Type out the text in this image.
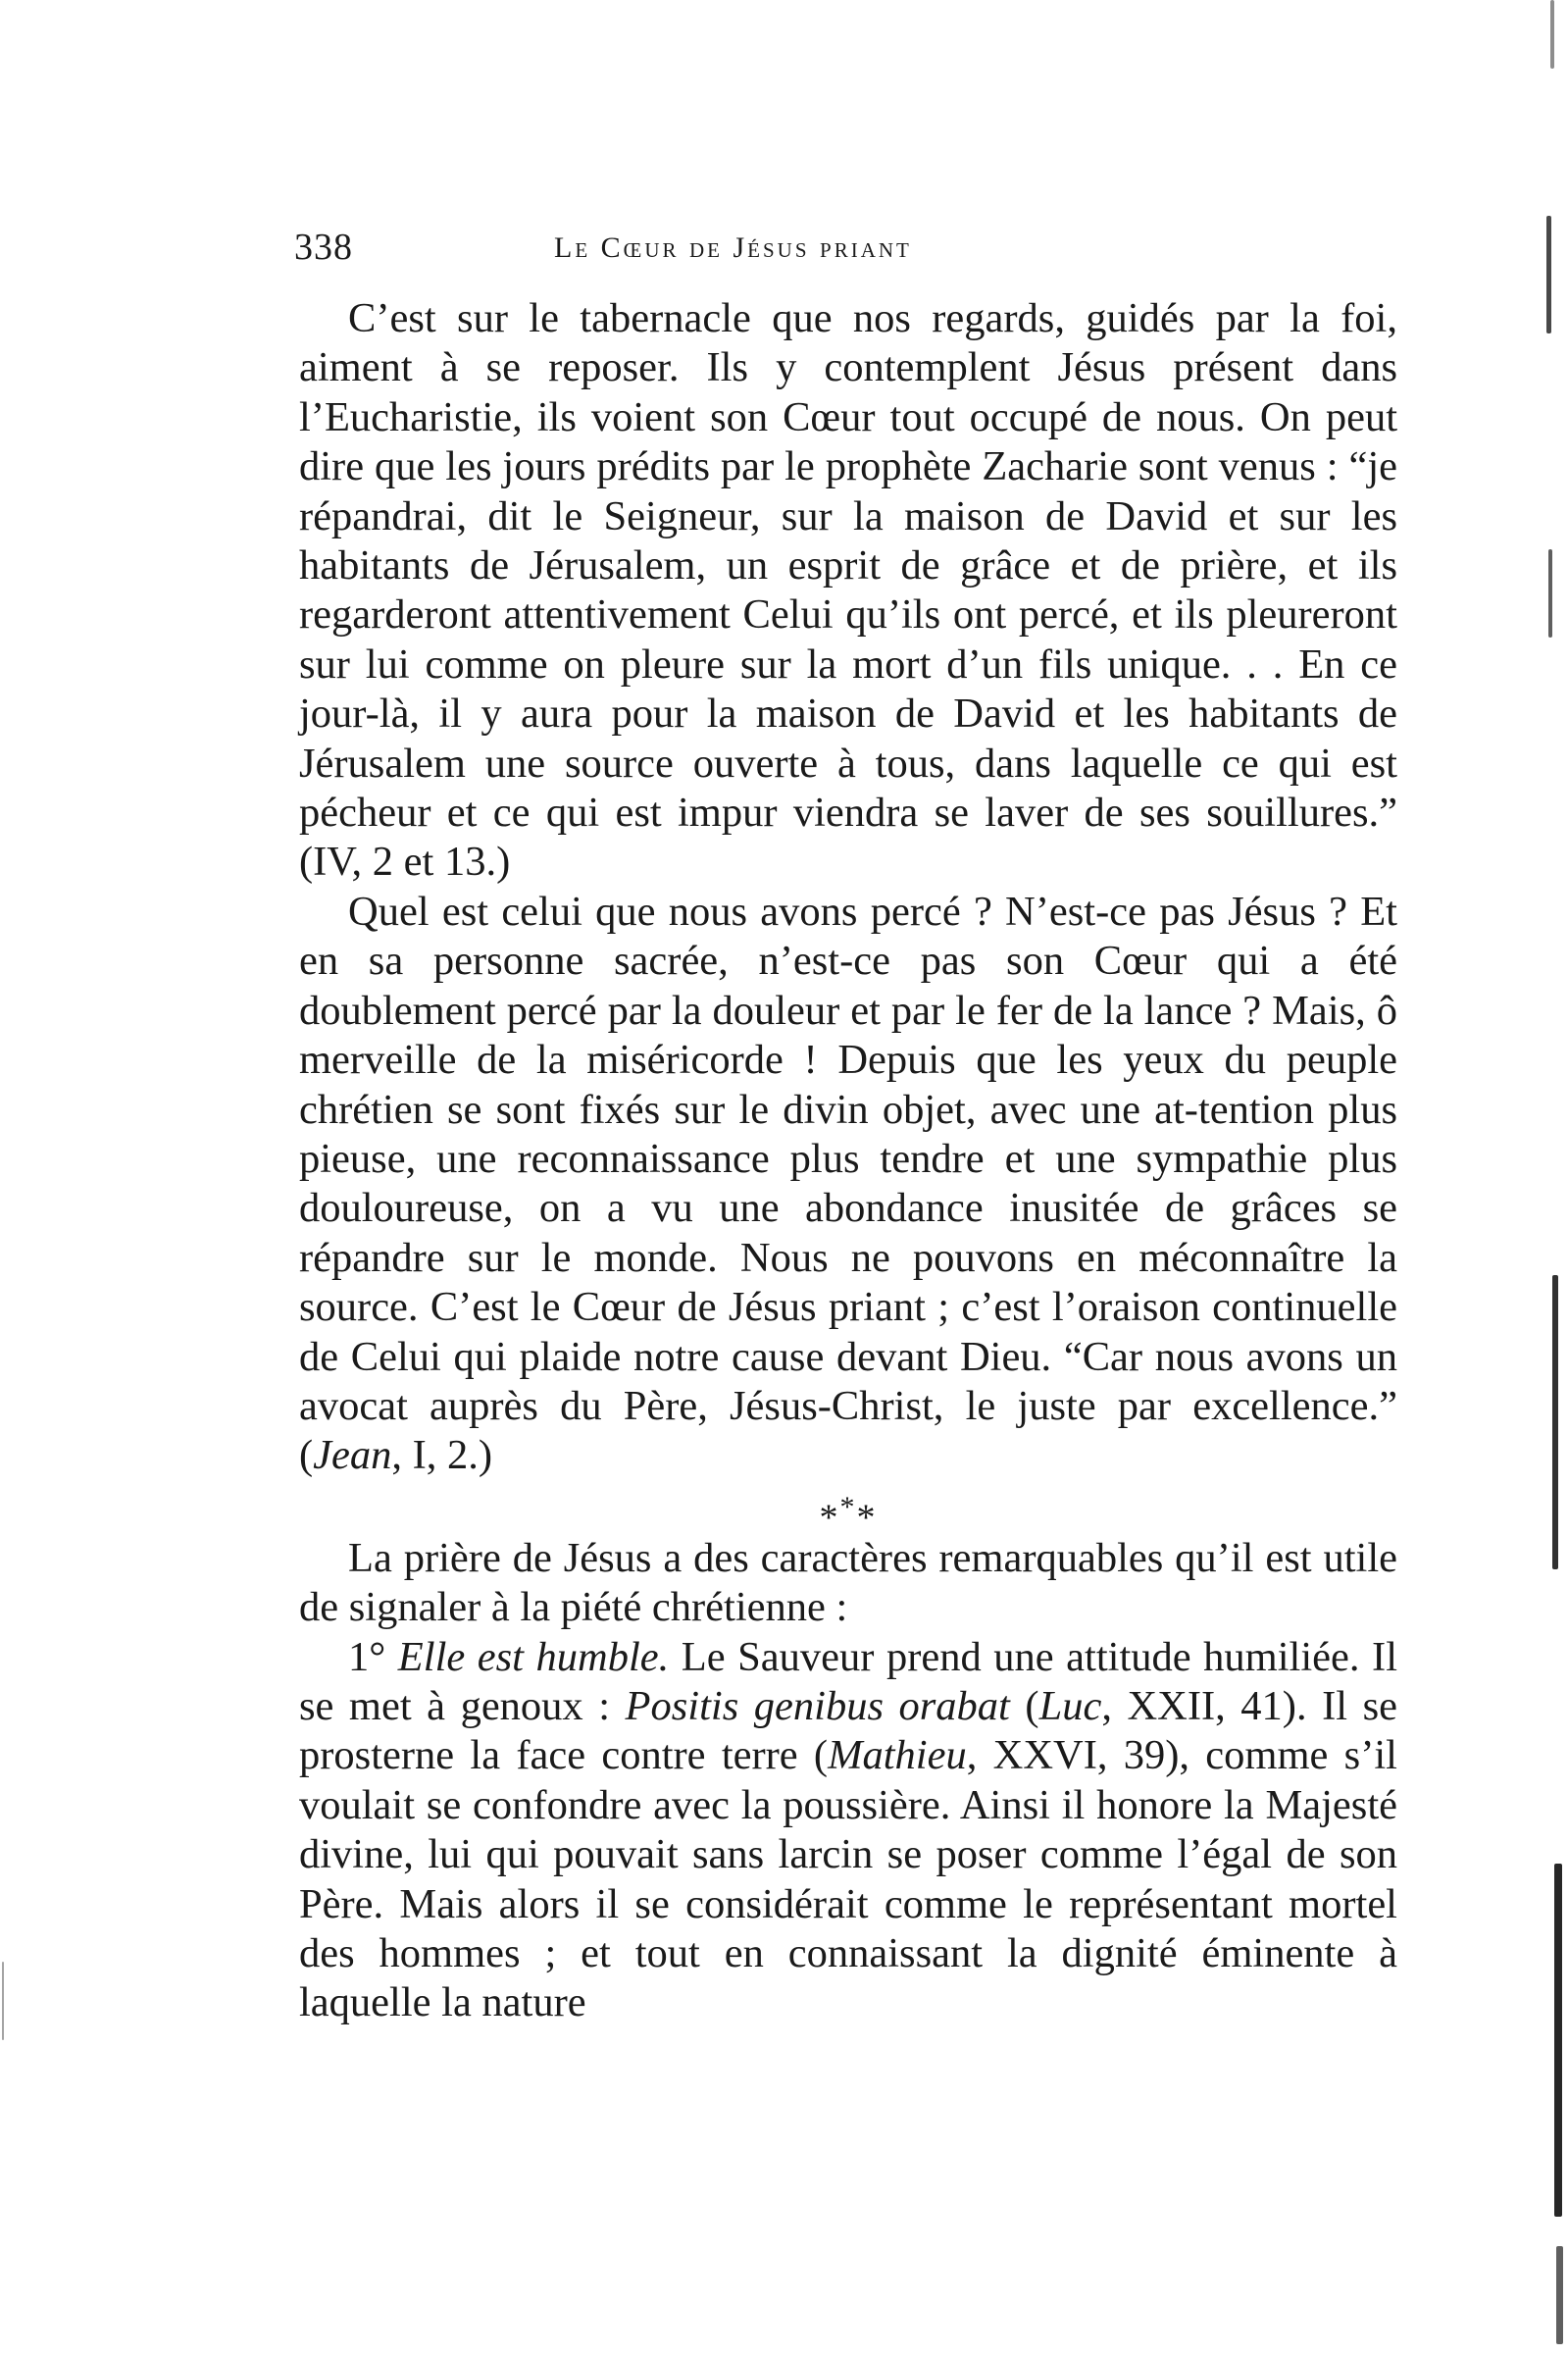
338	Le Cœur de Jésus priant

C’est sur le tabernacle que nos regards, guidés par la foi, aiment à se reposer. Ils y contemplent Jésus présent dans l’Eucharistie, ils voient son Cœur tout occupé de nous. On peut dire que les jours prédits par le prophète Zacharie sont venus : “je répandrai, dit le Seigneur, sur la maison de David et sur les habitants de Jérusalem, un esprit de grâce et de prière, et ils regarderont attentivement Celui qu’ils ont percé, et ils pleureront sur lui comme on pleure sur la mort d’un fils unique. . . En ce jour-là, il y aura pour la maison de David et les habitants de Jérusalem une source ouverte à tous, dans laquelle ce qui est pécheur et ce qui est impur viendra se laver de ses souillures.” (IV, 2 et 13.)

Quel est celui que nous avons percé ? N’est-ce pas Jésus ? Et en sa personne sacrée, n’est-ce pas son Cœur qui a été doublement percé par la douleur et par le fer de la lance ? Mais, ô merveille de la miséricorde ! Depuis que les yeux du peuple chrétien se sont fixés sur le divin objet, avec une at-tention plus pieuse, une reconnaissance plus tendre et une sympathie plus douloureuse, on a vu une abondance inusitée de grâces se répandre sur le monde. Nous ne pouvons en méconnaître la source. C’est le Cœur de Jésus priant ; c’est l’oraison continuelle de Celui qui plaide notre cause devant Dieu. “Car nous avons un avocat auprès du Père, Jésus-Christ, le juste par excellence.” (Jean, I, 2.)

***

La prière de Jésus a des caractères remarquables qu’il est utile de signaler à la piété chrétienne :

1° Elle est humble. Le Sauveur prend une attitude humiliée. Il se met à genoux : Positis genibus orabat (Luc, XXII, 41). Il se prosterne la face contre terre (Mathieu, XXVI, 39), comme s’il voulait se confondre avec la poussière. Ainsi il honore la Majesté divine, lui qui pouvait sans larcin se poser comme l’égal de son Père. Mais alors il se considérait comme le représentant mortel des hommes ; et tout en connaissant la dignité éminente à laquelle la nature
